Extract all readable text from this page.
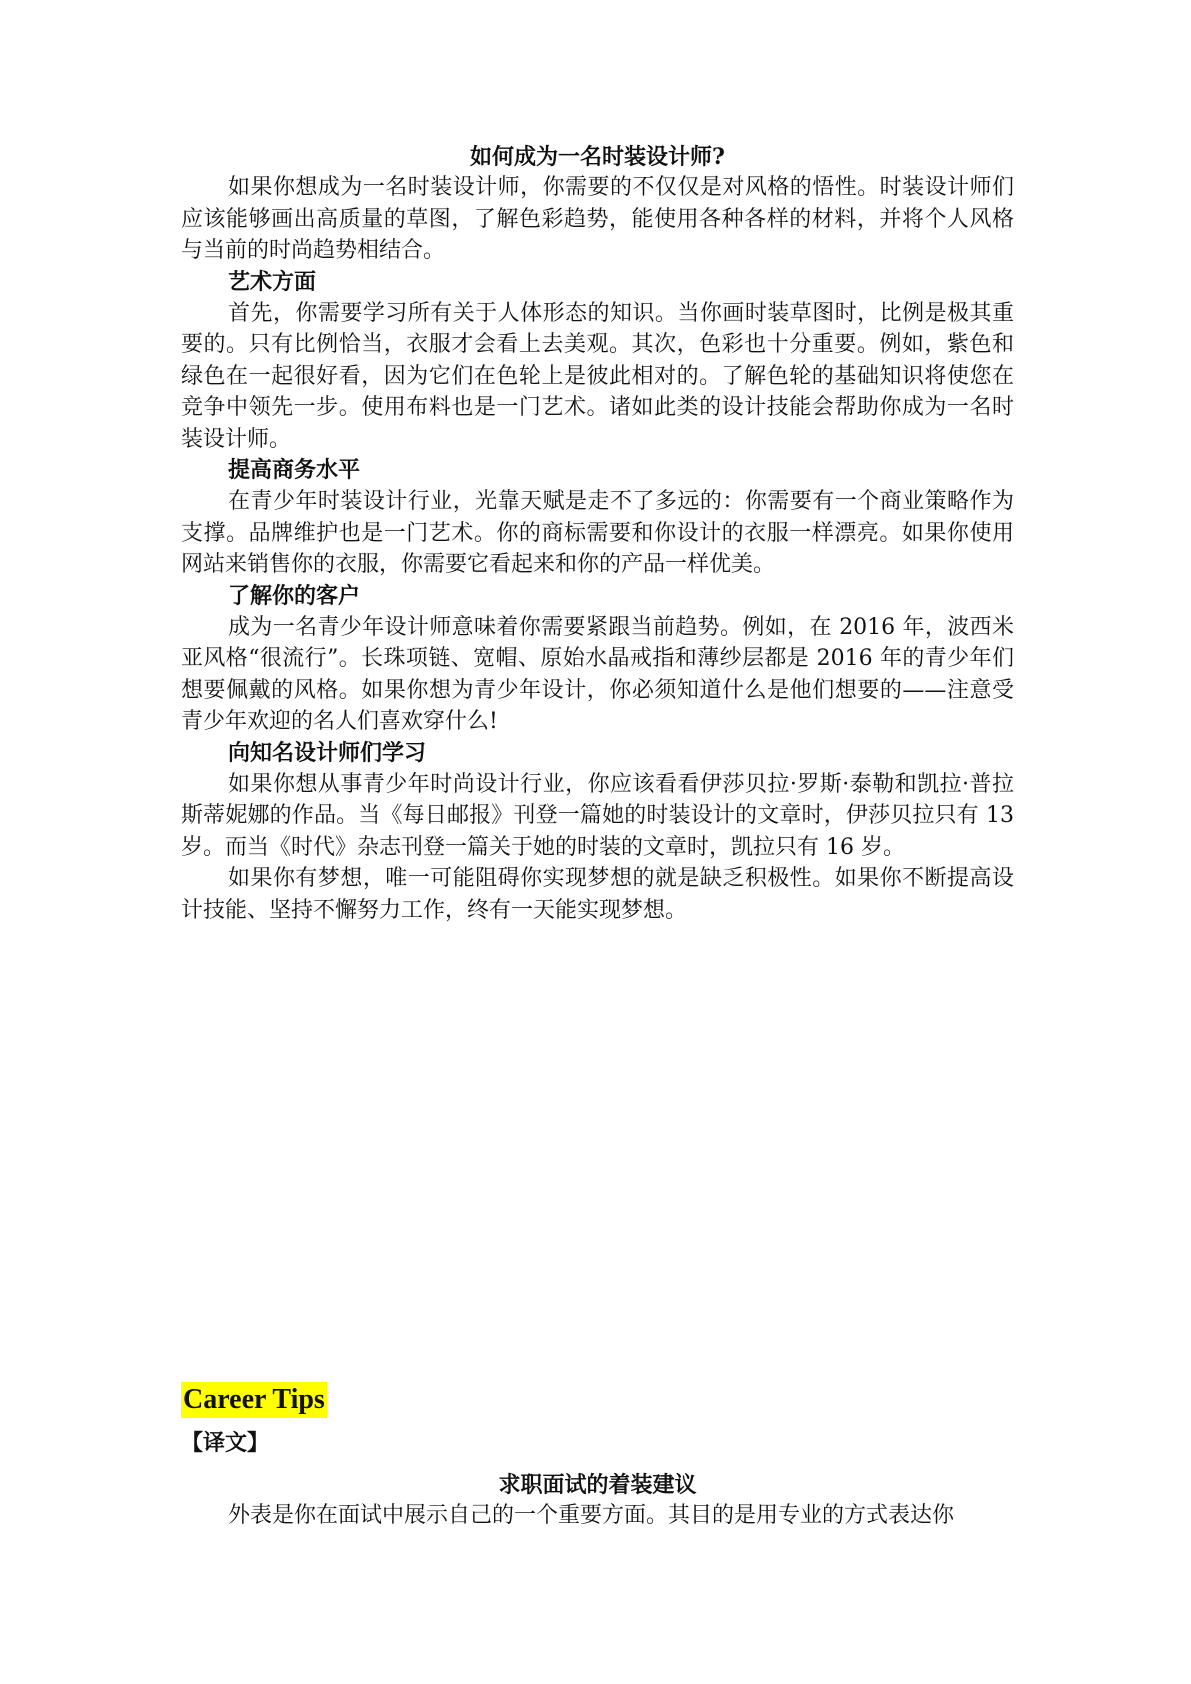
如何成为一名时装设计师?

如果你想成为一名时装设计师，你需要的不仅仅是对风格的悟性。时装设计师们应该能够画出高质量的草图，了解色彩趋势，能使用各种各样的材料，并将个人风格与当前的时尚趋势相结合。

艺术方面

首先，你需要学习所有关于人体形态的知识。当你画时装草图时，比例是极其重要的。只有比例恰当，衣服才会看上去美观。其次，色彩也十分重要。例如，紫色和绿色在一起很好看，因为它们在色轮上是彼此相对的。了解色轮的基础知识将使您在竞争中领先一步。使用布料也是一门艺术。诸如此类的设计技能会帮助你成为一名时装设计师。

提高商务水平

在青少年时装设计行业，光靠天赋是走不了多远的：你需要有一个商业策略作为支撑。品牌维护也是一门艺术。你的商标需要和你设计的衣服一样漂亮。如果你使用网站来销售你的衣服，你需要它看起来和你的产品一样优美。

了解你的客户

成为一名青少年设计师意味着你需要紧跟当前趋势。例如，在 2016 年，波西米亚风格“很流行”。长珠项链、宽帽、原始水晶戒指和薄纱层都是 2016 年的青少年们想要佩戴的风格。如果你想为青少年设计，你必须知道什么是他们想要的——注意受青少年欢迎的名人们喜欢穿什么!

向知名设计师们学习

如果你想从事青少年时尚设计行业，你应该看看伊莎贝拉·罗斯·泰勒和凯拉·普拉斯蒂妮娜的作品。当《每日邮报》刊登一篇她的时装设计的文章时，伊莎贝拉只有 13 岁。而当《时代》杂志刊登一篇关于她的时装的文章时，凯拉只有 16 岁。

如果你有梦想，唯一可能阻碍你实现梦想的就是缺乏积极性。如果你不断提高设计技能、坚持不懈努力工作，终有一天能实现梦想。

Career Tips
【译文】
求职面试的着装建议

外表是你在面试中展示自己的一个重要方面。其目的是用专业的方式表达你
